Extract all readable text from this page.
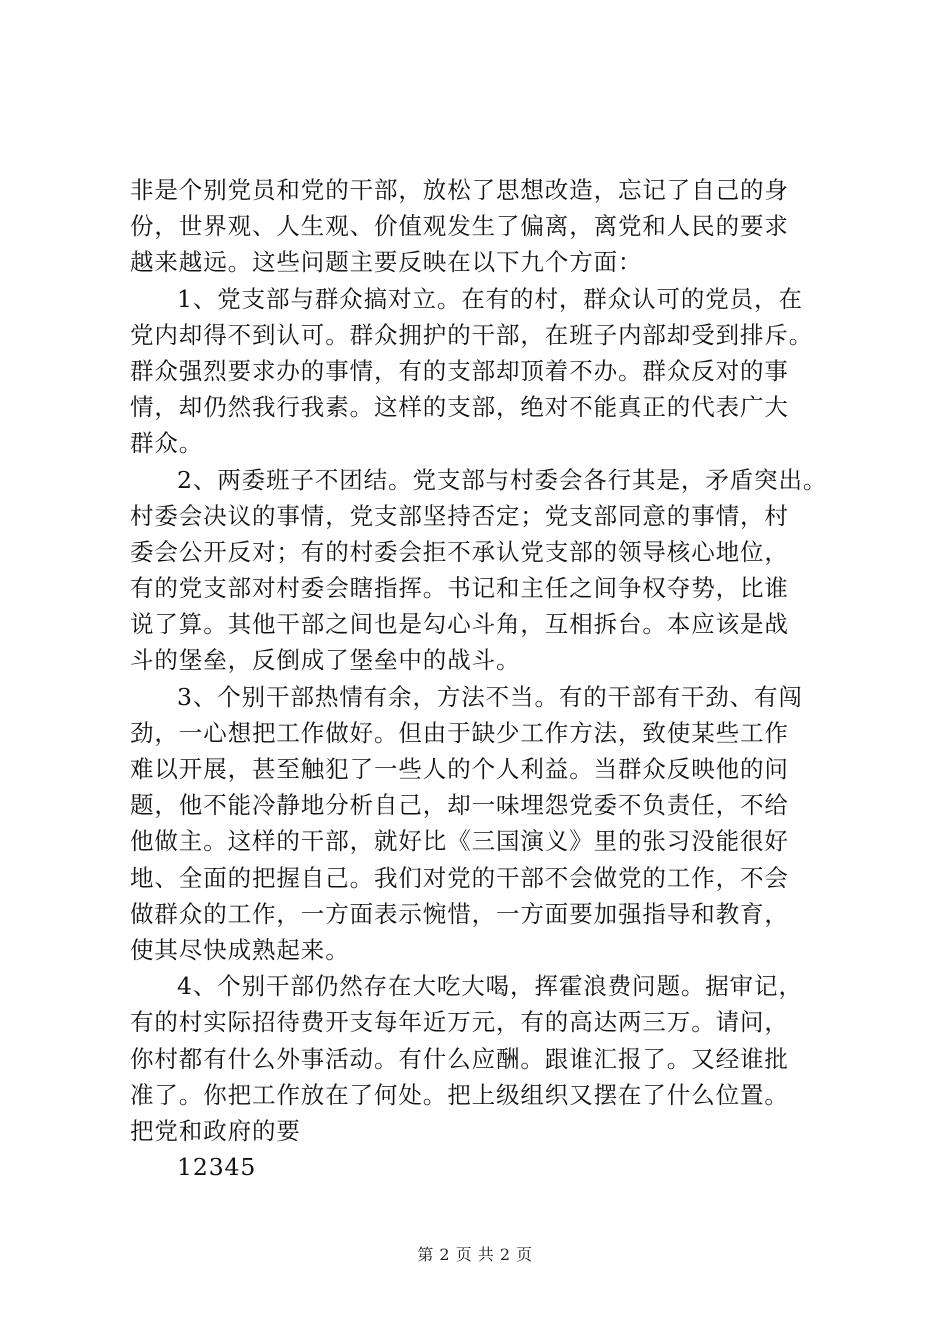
非是个别党员和党的干部，放松了思想改造，忘记了自己的身
份，世界观、人生观、价值观发生了偏离，离党和人民的要求
越来越远。这些问题主要反映在以下九个方面：
1、党支部与群众搞对立。在有的村，群众认可的党员，在
党内却得不到认可。群众拥护的干部，在班子内部却受到排斥。
群众强烈要求办的事情，有的支部却顶着不办。群众反对的事
情，却仍然我行我素。这样的支部，绝对不能真正的代表广大
群众。
2、两委班子不团结。党支部与村委会各行其是，矛盾突出。
村委会决议的事情，党支部坚持否定；党支部同意的事情，村
委会公开反对；有的村委会拒不承认党支部的领导核心地位，
有的党支部对村委会瞎指挥。书记和主任之间争权夺势，比谁
说了算。其他干部之间也是勾心斗角，互相拆台。本应该是战
斗的堡垒，反倒成了堡垒中的战斗。
3、个别干部热情有余，方法不当。有的干部有干劲、有闯
劲，一心想把工作做好。但由于缺少工作方法，致使某些工作
难以开展，甚至触犯了一些人的个人利益。当群众反映他的问
题，他不能冷静地分析自己，却一味埋怨党委不负责任，不给
他做主。这样的干部，就好比《三国演义》里的张习没能很好
地、全面的把握自己。我们对党的干部不会做党的工作，不会
做群众的工作，一方面表示惋惜，一方面要加强指导和教育，
使其尽快成熟起来。
4、个别干部仍然存在大吃大喝，挥霍浪费问题。据审记，
有的村实际招待费开支每年近万元，有的高达两三万。请问，
你村都有什么外事活动。有什么应酬。跟谁汇报了。又经谁批
准了。你把工作放在了何处。把上级组织又摆在了什么位置。
把党和政府的要
12345
第 2 页 共 2 页
